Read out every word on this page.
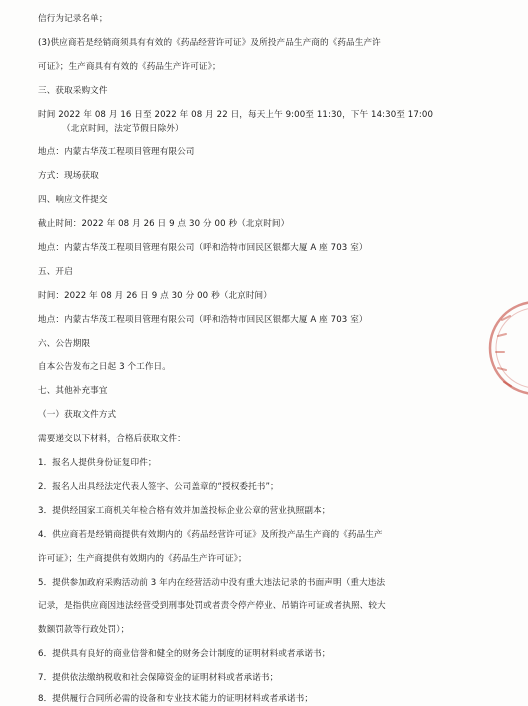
信行为记录名单；
(3)供应商若是经销商须具有有效的《药品经营许可证》及所投产品生产商的《药品生产许
可证》；生产商具有有效的《药品生产许可证》；
三、获取采购文件
时间 2022 年 08 月 16 日至 2022 年 08 月 22 日，每天上午 9:00至 11:30，下午 14:30至 17:00
（北京时间，法定节假日除外）
地点：内蒙古华茂工程项目管理有限公司
方式：现场获取
四、响应文件提交
截止时间：2022 年 08 月 26 日 9 点 30 分 00 秒（北京时间）
地点：内蒙古华茂工程项目管理有限公司（呼和浩特市回民区银都大厦 A 座 703 室）
五、开启
时间：2022 年 08 月 26 日 9 点 30 分 00 秒（北京时间）
地点：内蒙古华茂工程项目管理有限公司（呼和浩特市回民区银都大厦 A 座 703 室）
六、公告期限
自本公告发布之日起 3 个工作日。
七、其他补充事宜
（一）获取文件方式
需要递交以下材料，合格后获取文件：
1．报名人提供身份证复印件；
2．报名人出具经法定代表人签字、公司盖章的“授权委托书”；
3．提供经国家工商机关年检合格有效并加盖投标企业公章的营业执照副本；
4．供应商若是经销商提供有效期内的《药品经营许可证》及所投产品生产商的《药品生产
许可证》；生产商提供有效期内的《药品生产许可证》；
5．提供参加政府采购活动前 3 年内在经营活动中没有重大违法记录的书面声明（重大违法
记录，是指供应商因违法经营受到刑事处罚或者责令停产停业、吊销许可证或者执照、较大
数额罚款等行政处罚）；
6．提供具有良好的商业信誉和健全的财务会计制度的证明材料或者承诺书；
7．提供依法缴纳税收和社会保障资金的证明材料或者承诺书；
8．提供履行合同所必需的设备和专业技术能力的证明材料或者承诺书；
